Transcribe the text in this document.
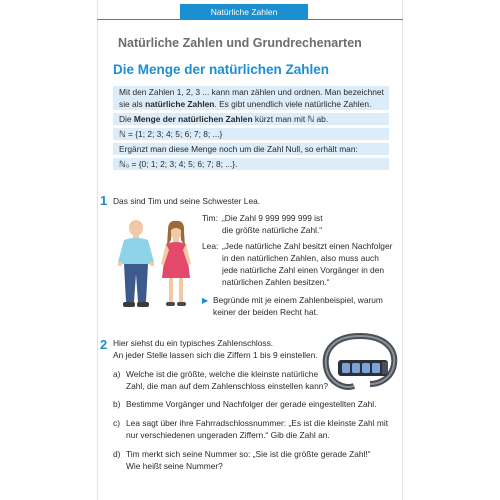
Natürliche Zahlen
Natürliche Zahlen und Grundrechenarten
Die Menge der natürlichen Zahlen
Mit den Zahlen 1, 2, 3 ... kann man zählen und ordnen. Man bezeichnet
sie als natürliche Zahlen. Es gibt unendlich viele natürliche Zahlen.
Die Menge der natürlichen Zahlen kürzt man mit ℕ ab.
ℕ = {1; 2; 3; 4; 5; 6; 7; 8; ...}
Ergänzt man diese Menge noch um die Zahl Null, so erhält man:
ℕ₀ = {0; 1; 2; 3; 4; 5; 6; 7; 8; ...}.
1 Das sind Tim und seine Schwester Lea.
Tim: „Die Zahl 9 999 999 999 ist
die größte natürliche Zahl.“
Lea: „Jede natürliche Zahl besitzt einen Nachfolger
in den natürlichen Zahlen, also muss auch
jede natürliche Zahl einen Vorgänger in den
natürlichen Zahlen besitzen.“
▶ Begründe mit je einem Zahlenbeispiel, warum
keiner der beiden Recht hat.
2 Hier siehst du ein typisches Zahlenschloss.
An jeder Stelle lassen sich die Ziffern 1 bis 9 einstellen.
a) Welche ist die größte, welche die kleinste natürliche
Zahl, die man auf dem Zahlenschloss einstellen kann?
b) Bestimme Vorgänger und Nachfolger der gerade eingestellten Zahl.
c) Lea sagt über ihre Fahrradschlossnummer: „Es ist die kleinste Zahl mit
nur verschiedenen ungeraden Ziffern.“ Gib die Zahl an.
d) Tim merkt sich seine Nummer so: „Sie ist die größte gerade Zahl!“
Wie heißt seine Nummer?
